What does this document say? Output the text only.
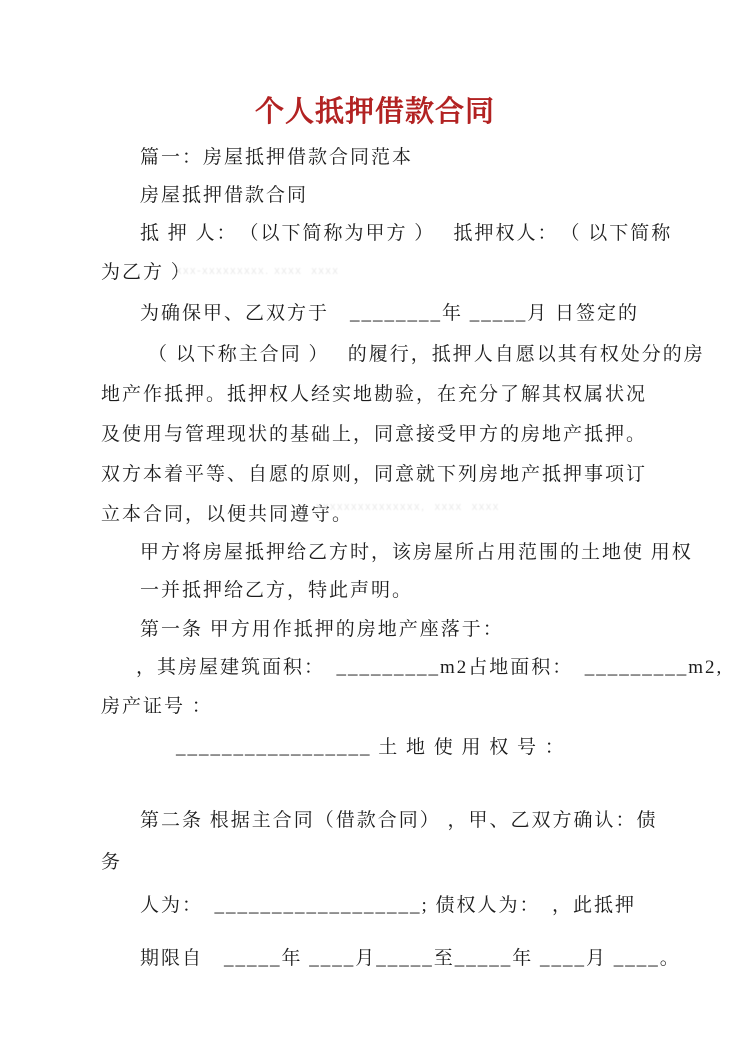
个人抵押借款合同

篇一：房屋抵押借款合同范本

房屋抵押借款合同

抵 押 人：　（以下简称为甲方 ）　 抵押权人：　（ 以下简称

为乙方 ）

为确保甲、乙双方于　________年 _____月 日签定的

（ 以下称主合同 ）　 的履行，抵押人自愿以其有权处分的房

地产作抵押。抵押权人经实地勘验，在充分了解其权属状况

及使用与管理现状的基础上，同意接受甲方的房地产抵押。

双方本着平等、自愿的原则，同意就下列房地产抵押事项订

立本合同，以便共同遵守。

甲方将房屋抵押给乙方时，该房屋所占用范围的土地使 用权

一并抵押给乙方，特此声明。

第一条 甲方用作抵押的房地产座落于：

，其房屋建筑面积：　_________m2占地面积：　_________m2,

房产证号 ：

_________________ 土 地 使 用 权 号 ：

第二条 根据主合同（借款合同） ，甲、乙双方确认：债

务

人为：　__________________; 债权人为：　，此抵押

期限自　_____年 ____月_____至_____年 ____月 ____。

xxx-xxxxxxxxx. xxxx  xxxx
xxxxxxxxxxxxxxx,  xxxx  xxxx
